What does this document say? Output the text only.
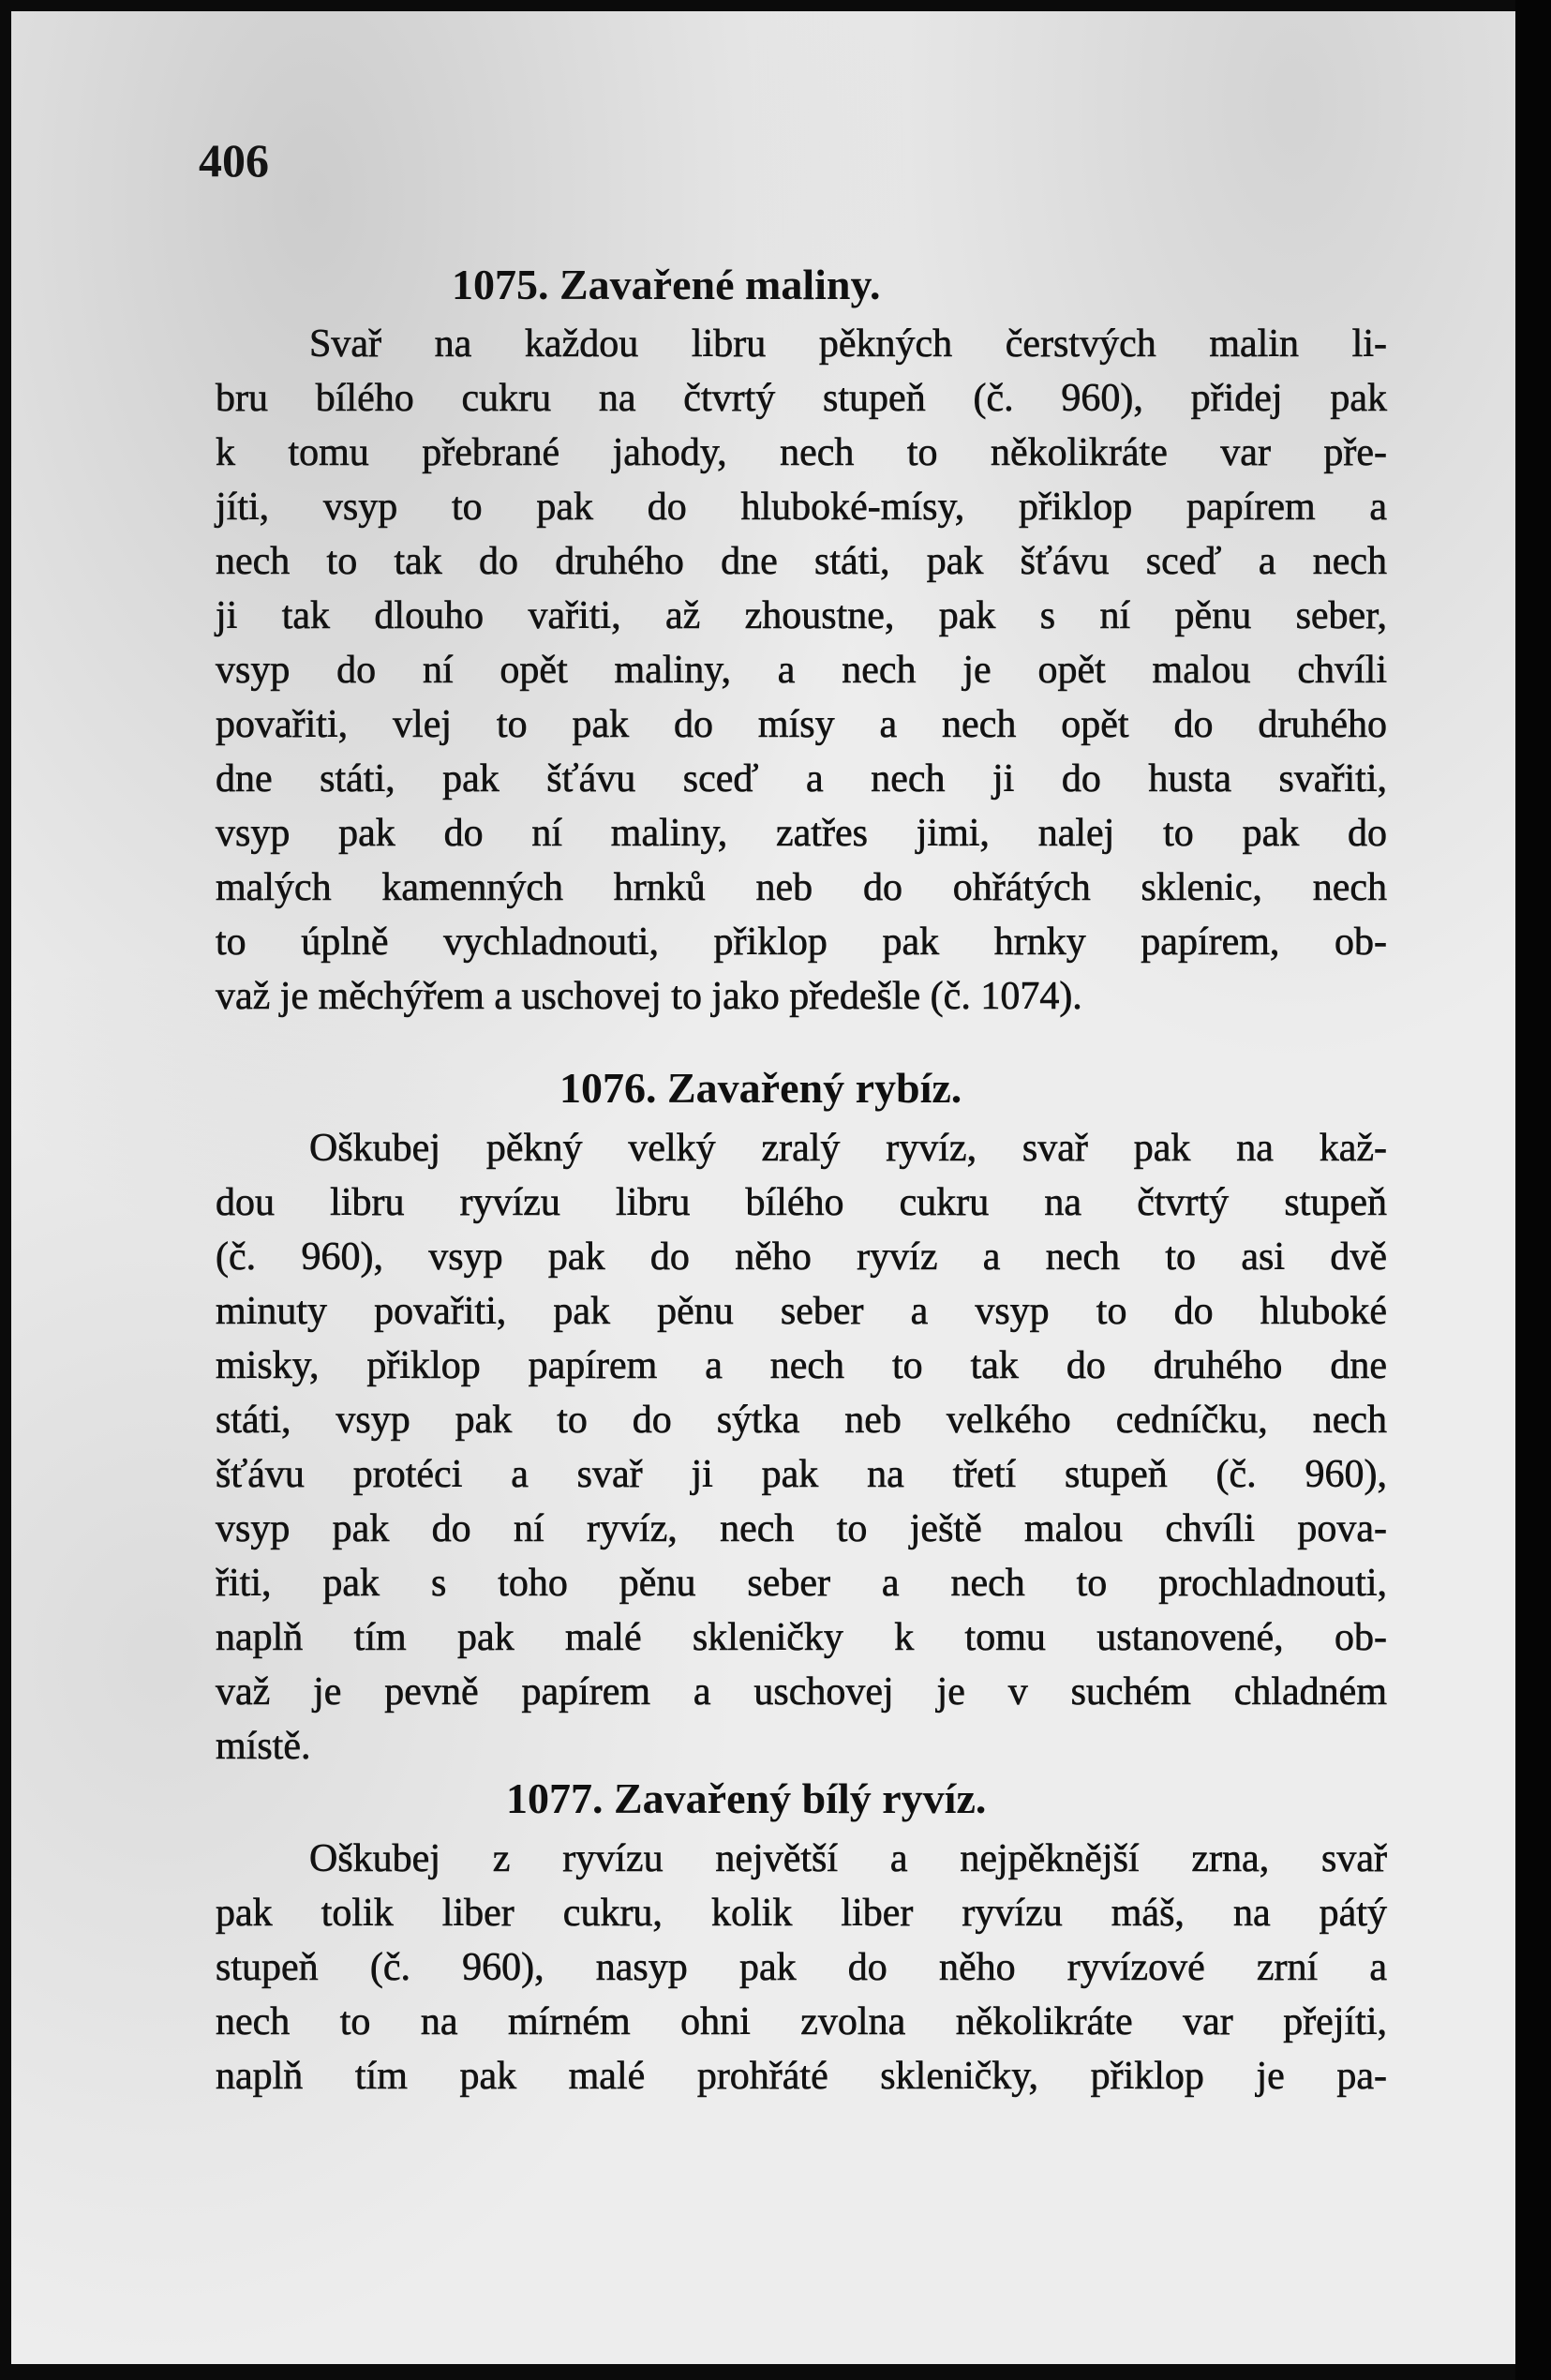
406
1075. Zavařené maliny.
Svař na každou libru pěkných čerstvých malin li-
bru bílého cukru na čtvrtý stupeň (č. 960), přidej pak
k tomu přebrané jahody, nech to několikráte var pře-
jíti, vsyp to pak do hluboké-mísy, přiklop papírem a
nech to tak do druhého dne státi, pak šťávu sceď a nech
ji tak dlouho vařiti, až zhoustne, pak s ní pěnu seber,
vsyp do ní opět maliny, a nech je opět malou chvíli
povařiti, vlej to pak do mísy a nech opět do druhého
dne státi, pak šťávu sceď a nech ji do husta svařiti,
vsyp pak do ní maliny, zatřes jimi, nalej to pak do
malých kamenných hrnků neb do ohřátých sklenic, nech
to úplně vychladnouti, přiklop pak hrnky papírem, ob-
važ je měchýřem a uschovej to jako předešle (č. 1074).
1076. Zavařený rybíz.
Oškubej pěkný velký zralý ryvíz, svař pak na kaž-
dou libru ryvízu libru bílého cukru na čtvrtý stupeň
(č. 960), vsyp pak do něho ryvíz a nech to asi dvě
minuty povařiti, pak pěnu seber a vsyp to do hluboké
misky, přiklop papírem a nech to tak do druhého dne
státi, vsyp pak to do sýtka neb velkého cedníčku, nech
šťávu protéci a svař ji pak na třetí stupeň (č. 960),
vsyp pak do ní ryvíz, nech to ještě malou chvíli pova-
řiti, pak s toho pěnu seber a nech to prochladnouti,
naplň tím pak malé skleničky k tomu ustanovené, ob-
važ je pevně papírem a uschovej je v suchém chladném
místě.
1077. Zavařený bílý ryvíz.
Oškubej z ryvízu největší a nejpěknější zrna, svař
pak tolik liber cukru, kolik liber ryvízu máš, na pátý
stupeň (č. 960), nasyp pak do něho ryvízové zrní a
nech to na mírném ohni zvolna několikráte var přejíti,
naplň tím pak malé prohřáté skleničky, přiklop je pa-
